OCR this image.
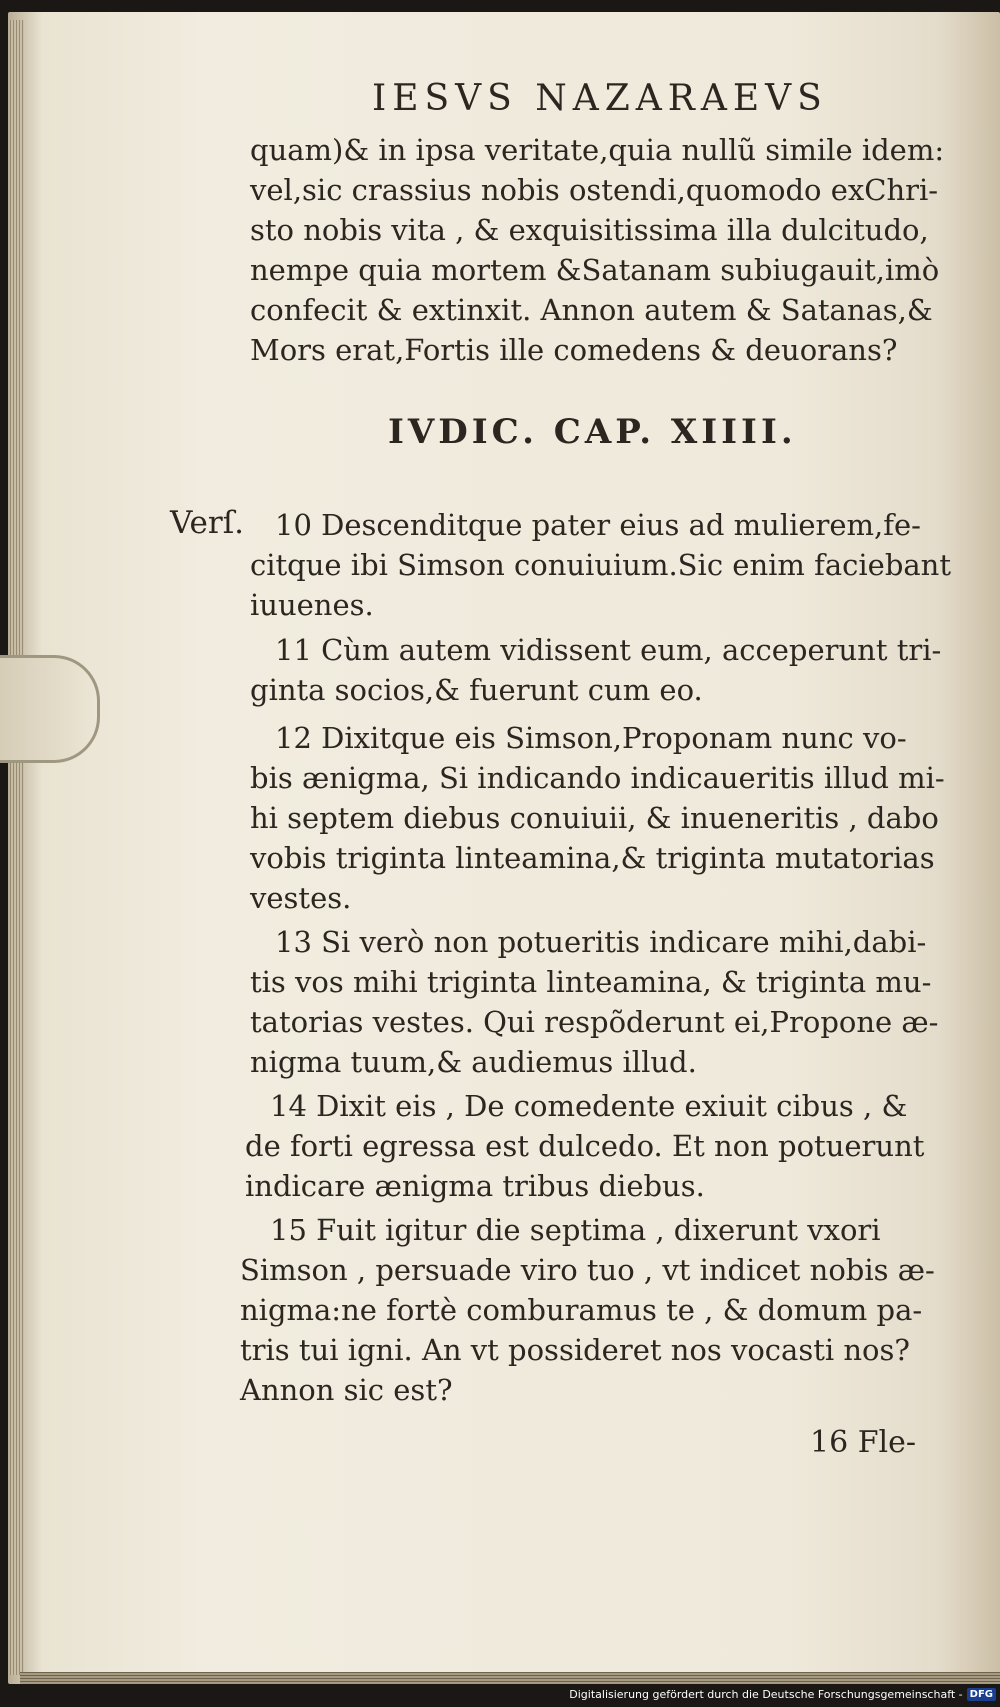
IESVS NAZARAEVS
quam)& in ipsa veritate,quia nullũ simile idem:
vel,sic crassius nobis ostendi,quomodo exChri-
sto nobis vita , & exquisitissima illa dulcitudo,
nempe quia mortem &Satanam subiugauit,imò
confecit & extinxit. Annon autem & Satanas,&
Mors erat,Fortis ille comedens & deuorans?
IVDIC. CAP. XIIII.
Verſ. 10 Descenditque pater eius ad mulierem,fe-
citque ibi Simson conuiuium.Sic enim faciebant
iuuenes.
11 Cùm autem vidissent eum, acceperunt tri-
ginta socios,& fuerunt cum eo.
12 Dixitque eis Simson,Proponam nunc vo-
bis ænigma, Si indicando indicaueritis illud mi-
hi septem diebus conuiuii, & inueneritis , dabo
vobis triginta linteamina,& triginta mutatorias
vestes.
13 Si verò non potueritis indicare mihi,dabi-
tis vos mihi triginta linteamina, & triginta mu-
tatorias vestes. Qui respõderunt ei,Propone æ-
nigma tuum,& audiemus illud.
14 Dixit eis , De comedente exiuit cibus , &
de forti egressa est dulcedo. Et non potuerunt
indicare ænigma tribus diebus.
15 Fuit igitur die septima , dixerunt vxori
Simson , persuade viro tuo , vt indicet nobis æ-
nigma:ne fortè comburamus te , & domum pa-
tris tui igni. An vt possideret nos vocasti nos?
Annon sic est?
16 Fle-
Digitalisierung gefördert durch die Deutsche Forschungsgemeinschaft - DFG
